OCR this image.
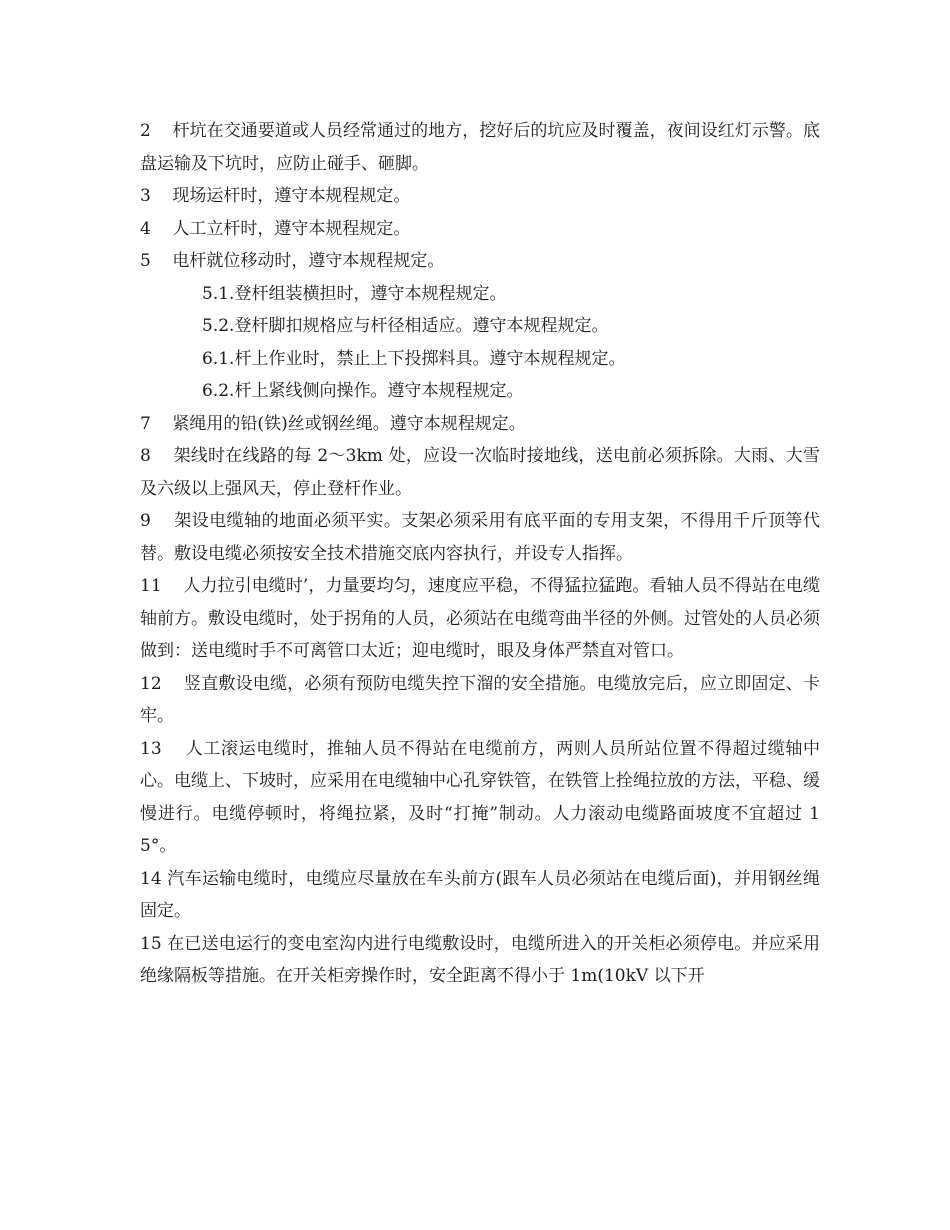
2    杆坑在交通要道或人员经常通过的地方，挖好后的坑应及时覆盖，夜间设红灯示警。底盘运输及下坑时，应防止碰手、砸脚。

3    现场运杆时，遵守本规程规定。

4    人工立杆时，遵守本规程规定。

5    电杆就位移动时，遵守本规程规定。

5.1.登杆组装横担时，遵守本规程规定。

5.2.登杆脚扣规格应与杆径相适应。遵守本规程规定。

6.1.杆上作业时，禁止上下投掷料具。遵守本规程规定。

6.2.杆上紧线侧向操作。遵守本规程规定。

7    紧绳用的铅(铁)丝或钢丝绳。遵守本规程规定。

8    架线时在线路的每 2～3km 处，应设一次临时接地线，送电前必须拆除。大雨、大雪及六级以上强风天，停止登杆作业。

9    架设电缆轴的地面必须平实。支架必须采用有底平面的专用支架，不得用千斤顶等代替。敷设电缆必须按安全技术措施交底内容执行，并设专人指挥。

11    人力拉引电缆时’，力量要均匀，速度应平稳，不得猛拉猛跑。看轴人员不得站在电缆轴前方。敷设电缆时，处于拐角的人员，必须站在电缆弯曲半径的外侧。过管处的人员必须做到：送电缆时手不可离管口太近；迎电缆时，眼及身体严禁直对管口。

12    竖直敷设电缆，必须有预防电缆失控下溜的安全措施。电缆放完后，应立即固定、卡牢。

13    人工滚运电缆时，推轴人员不得站在电缆前方，两则人员所站位置不得超过缆轴中心。电缆上、下坡时，应采用在电缆轴中心孔穿铁管，在铁管上拴绳拉放的方法，平稳、缓慢进行。电缆停顿时，将绳拉紧，及时“打掩”制动。人力滚动电缆路面坡度不宜超过 15°。

14 汽车运输电缆时，电缆应尽量放在车头前方(跟车人员必须站在电缆后面)，并用钢丝绳固定。

15 在已送电运行的变电室沟内进行电缆敷设时，电缆所进入的开关柜必须停电。并应采用绝缘隔板等措施。在开关柜旁操作时，安全距离不得小于 1m(10kV 以下开
